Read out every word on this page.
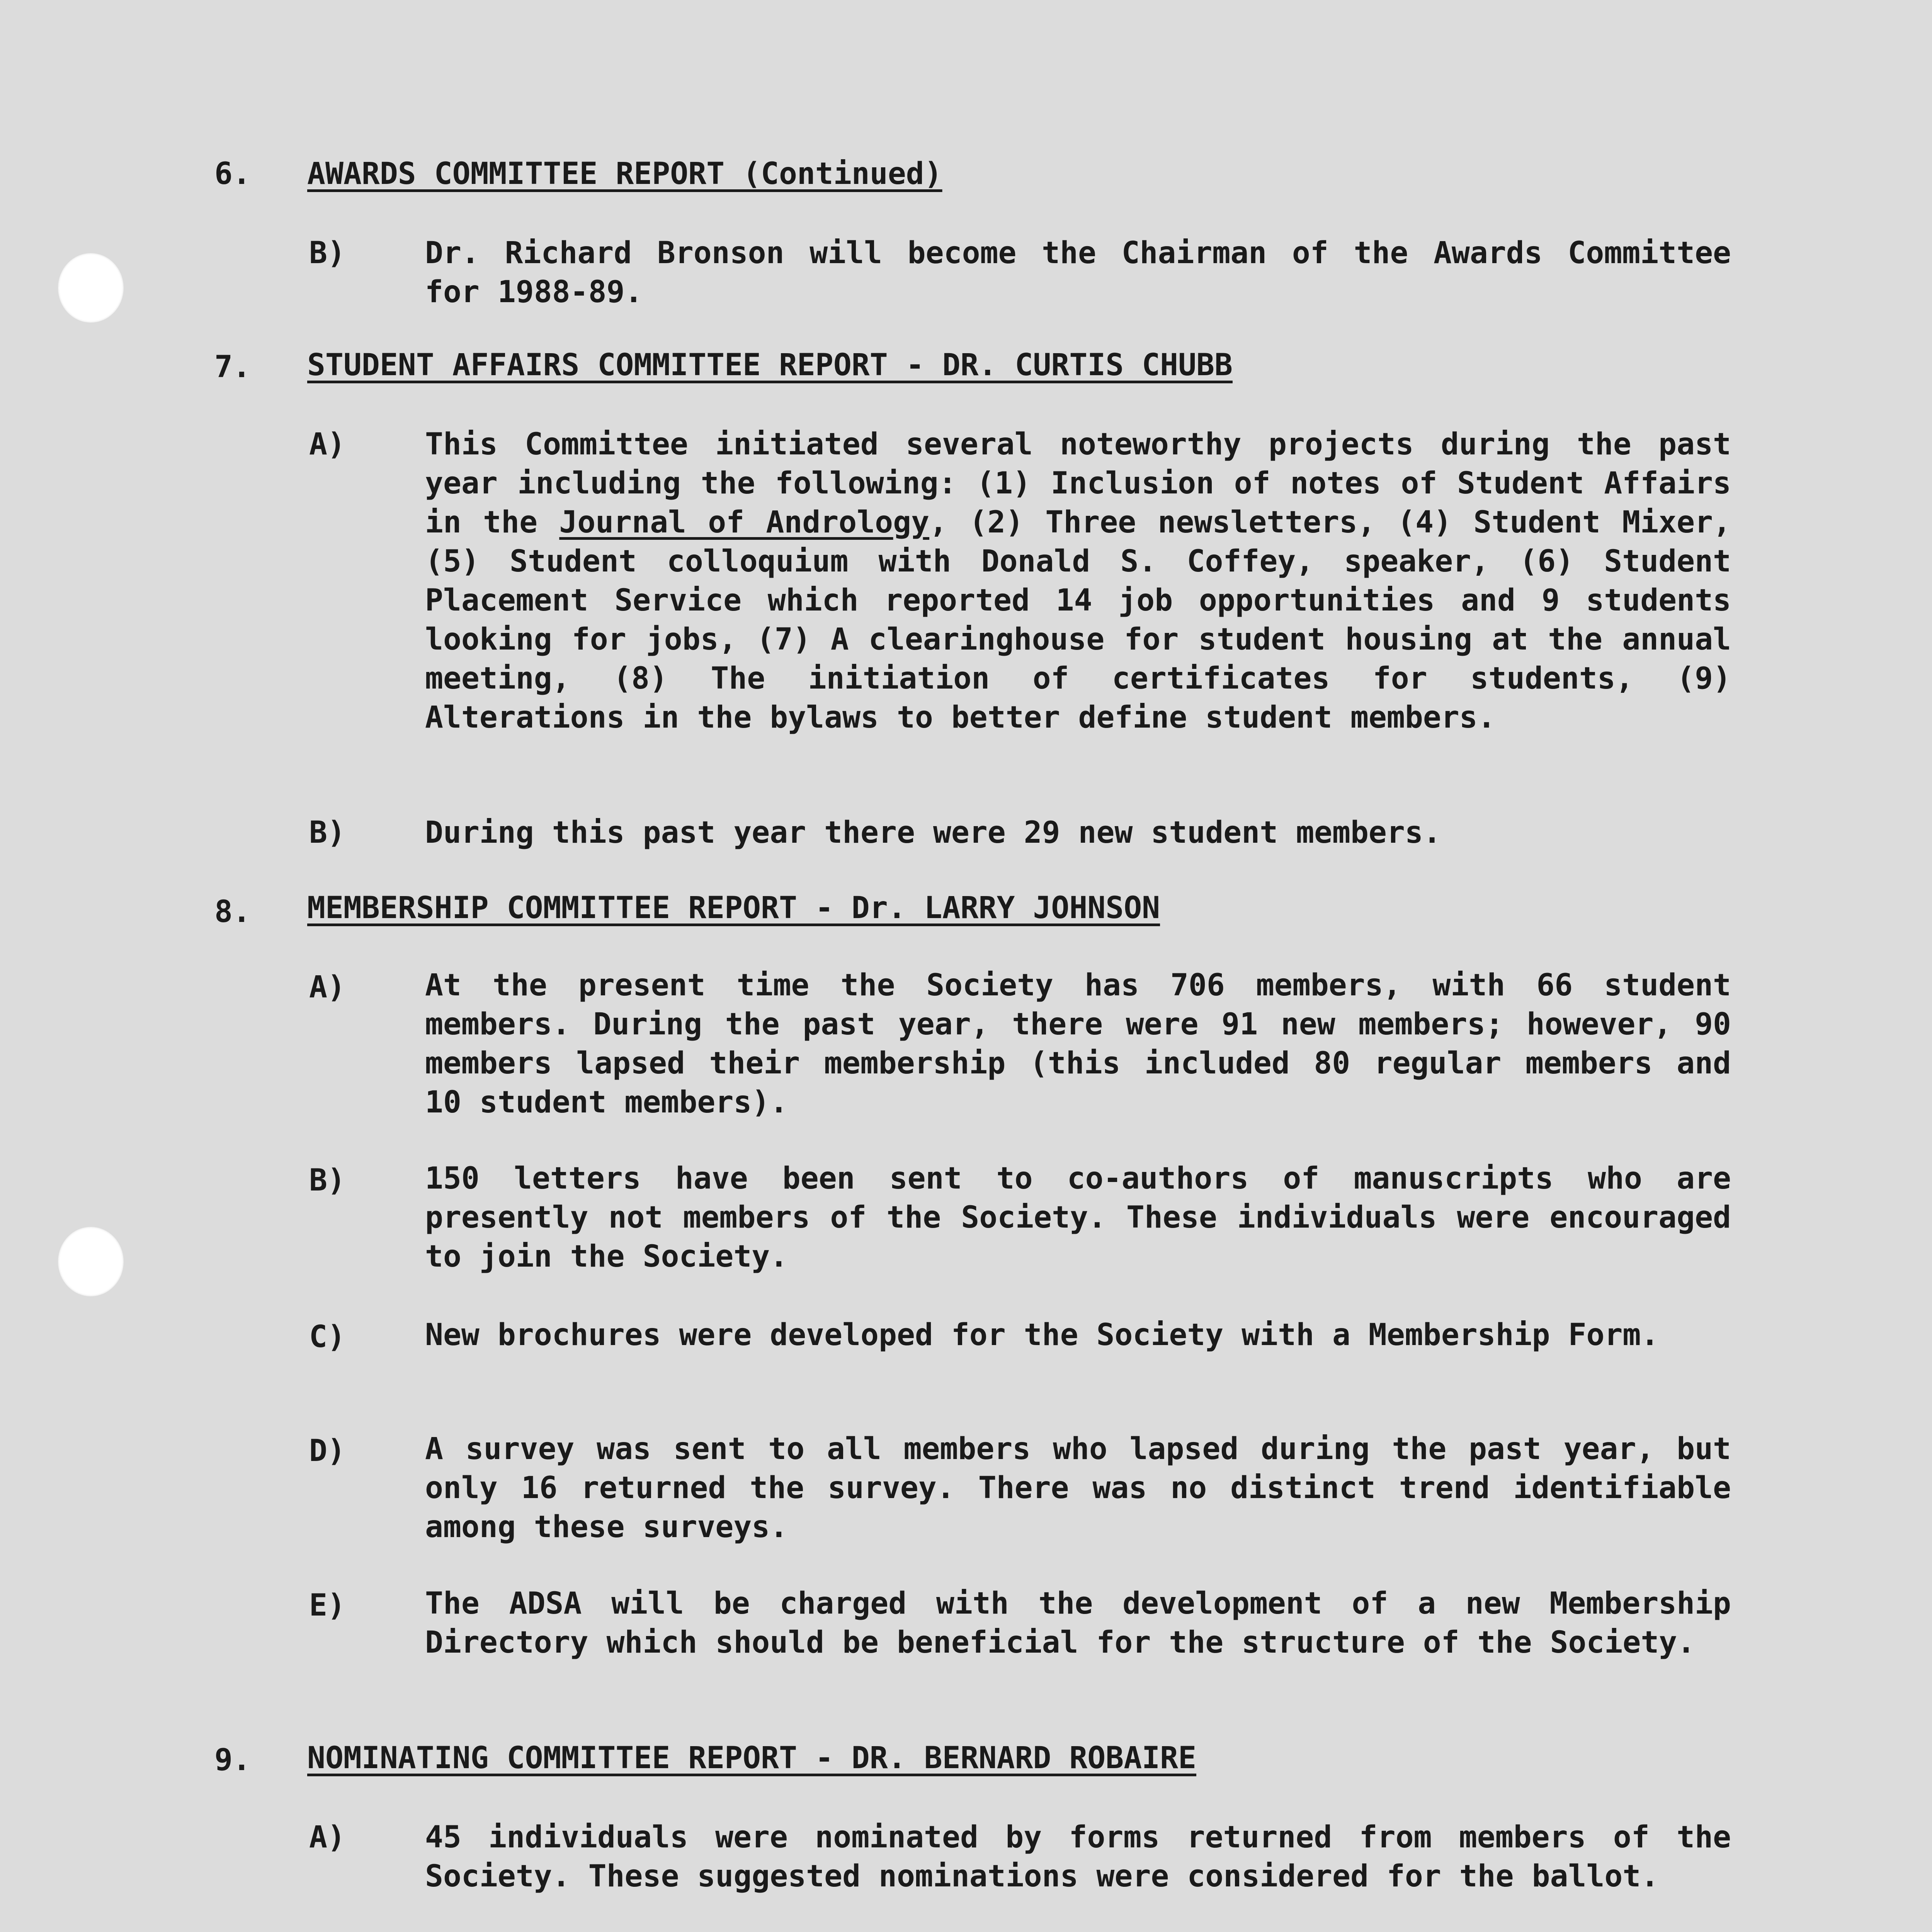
6. AWARDS COMMITTEE REPORT (Continued)
B)	Dr. Richard Bronson will become the Chairman of the Awards Committee for 1988-89.
7. STUDENT AFFAIRS COMMITTEE REPORT - DR. CURTIS CHUBB
A)	This Committee initiated several noteworthy projects during the past year including the following: (1) Inclusion of notes of Student Affairs in the Journal of Andrology, (2) Three newsletters, (4) Student Mixer, (5) Student colloquium with Donald S. Coffey, speaker, (6) Student Placement Service which reported 14 job opportunities and 9 students looking for jobs, (7) A clearinghouse for student housing at the annual meeting, (8) The initiation of certificates for students, (9) Alterations in the bylaws to better define student members.
B)	During this past year there were 29 new student members.
8. MEMBERSHIP COMMITTEE REPORT - Dr. LARRY JOHNSON
A)	At the present time the Society has 706 members, with 66 student members. During the past year, there were 91 new members; however, 90 members lapsed their membership (this included 80 regular members and 10 student members).
B)	150 letters have been sent to co-authors of manuscripts who are presently not members of the Society. These individuals were encouraged to join the Society.
C)	New brochures were developed for the Society with a Membership Form.
D)	A survey was sent to all members who lapsed during the past year, but only 16 returned the survey. There was no distinct trend identifiable among these surveys.
E)	The ADSA will be charged with the development of a new Membership Directory which should be beneficial for the structure of the Society.
9. NOMINATING COMMITTEE REPORT - DR. BERNARD ROBAIRE
A)	45 individuals were nominated by forms returned from members of the Society. These suggested nominations were considered for the ballot.
